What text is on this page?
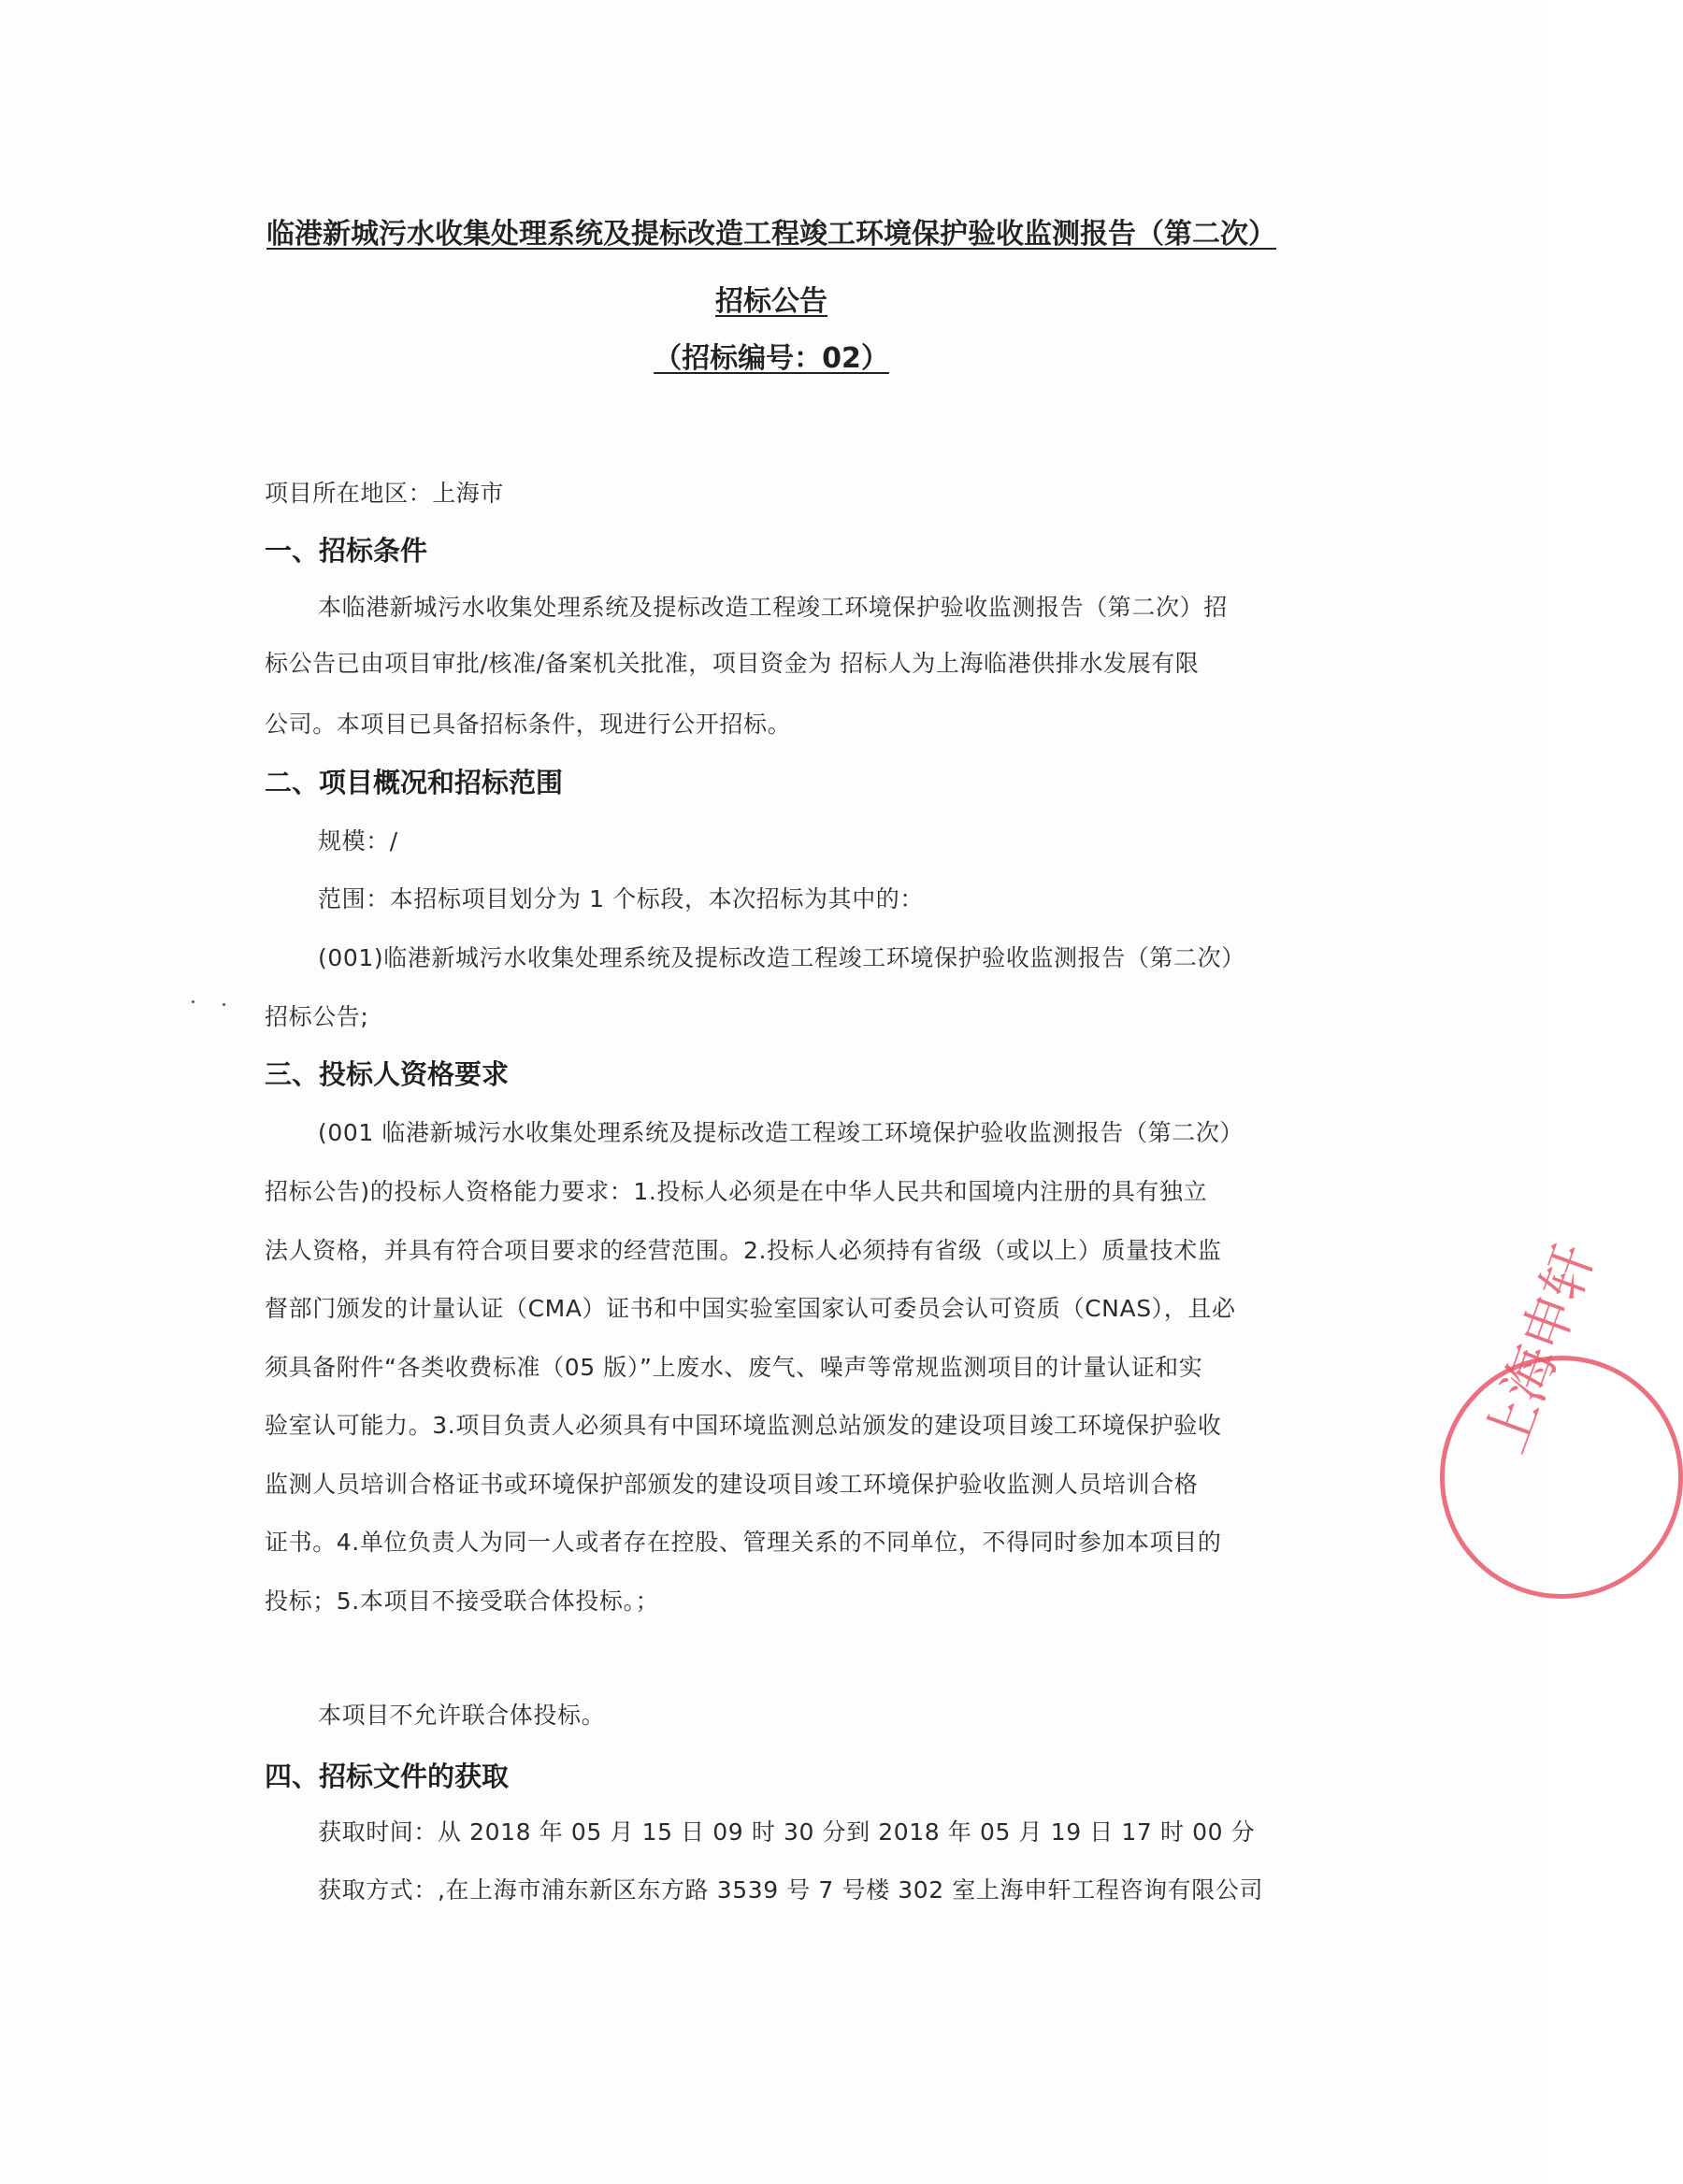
临港新城污水收集处理系统及提标改造工程竣工环境保护验收监测报告（第二次）
招标公告
（招标编号：02）
项目所在地区：上海市
一、招标条件
本临港新城污水收集处理系统及提标改造工程竣工环境保护验收监测报告（第二次）招
标公告已由项目审批/核准/备案机关批准，项目资金为 招标人为上海临港供排水发展有限
公司。本项目已具备招标条件，现进行公开招标。
二、项目概况和招标范围
规模：/
范围：本招标项目划分为 1 个标段，本次招标为其中的：
(001)临港新城污水收集处理系统及提标改造工程竣工环境保护验收监测报告（第二次）
招标公告;
三、投标人资格要求
(001 临港新城污水收集处理系统及提标改造工程竣工环境保护验收监测报告（第二次）
招标公告)的投标人资格能力要求：1.投标人必须是在中华人民共和国境内注册的具有独立
法人资格，并具有符合项目要求的经营范围。2.投标人必须持有省级（或以上）质量技术监
督部门颁发的计量认证（CMA）证书和中国实验室国家认可委员会认可资质（CNAS），且必
须具备附件“各类收费标准（05 版）”上废水、废气、噪声等常规监测项目的计量认证和实
验室认可能力。3.项目负责人必须具有中国环境监测总站颁发的建设项目竣工环境保护验收
监测人员培训合格证书或环境保护部颁发的建设项目竣工环境保护验收监测人员培训合格
证书。4.单位负责人为同一人或者存在控股、管理关系的不同单位，不得同时参加本项目的
投标；5.本项目不接受联合体投标。；
本项目不允许联合体投标。
四、招标文件的获取
获取时间：从 2018 年 05 月 15 日 09 时 30 分到 2018 年 05 月 19 日 17 时 00 分
获取方式：,在上海市浦东新区东方路 3539 号 7 号楼 302 室上海申轩工程咨询有限公司
上海申轩
